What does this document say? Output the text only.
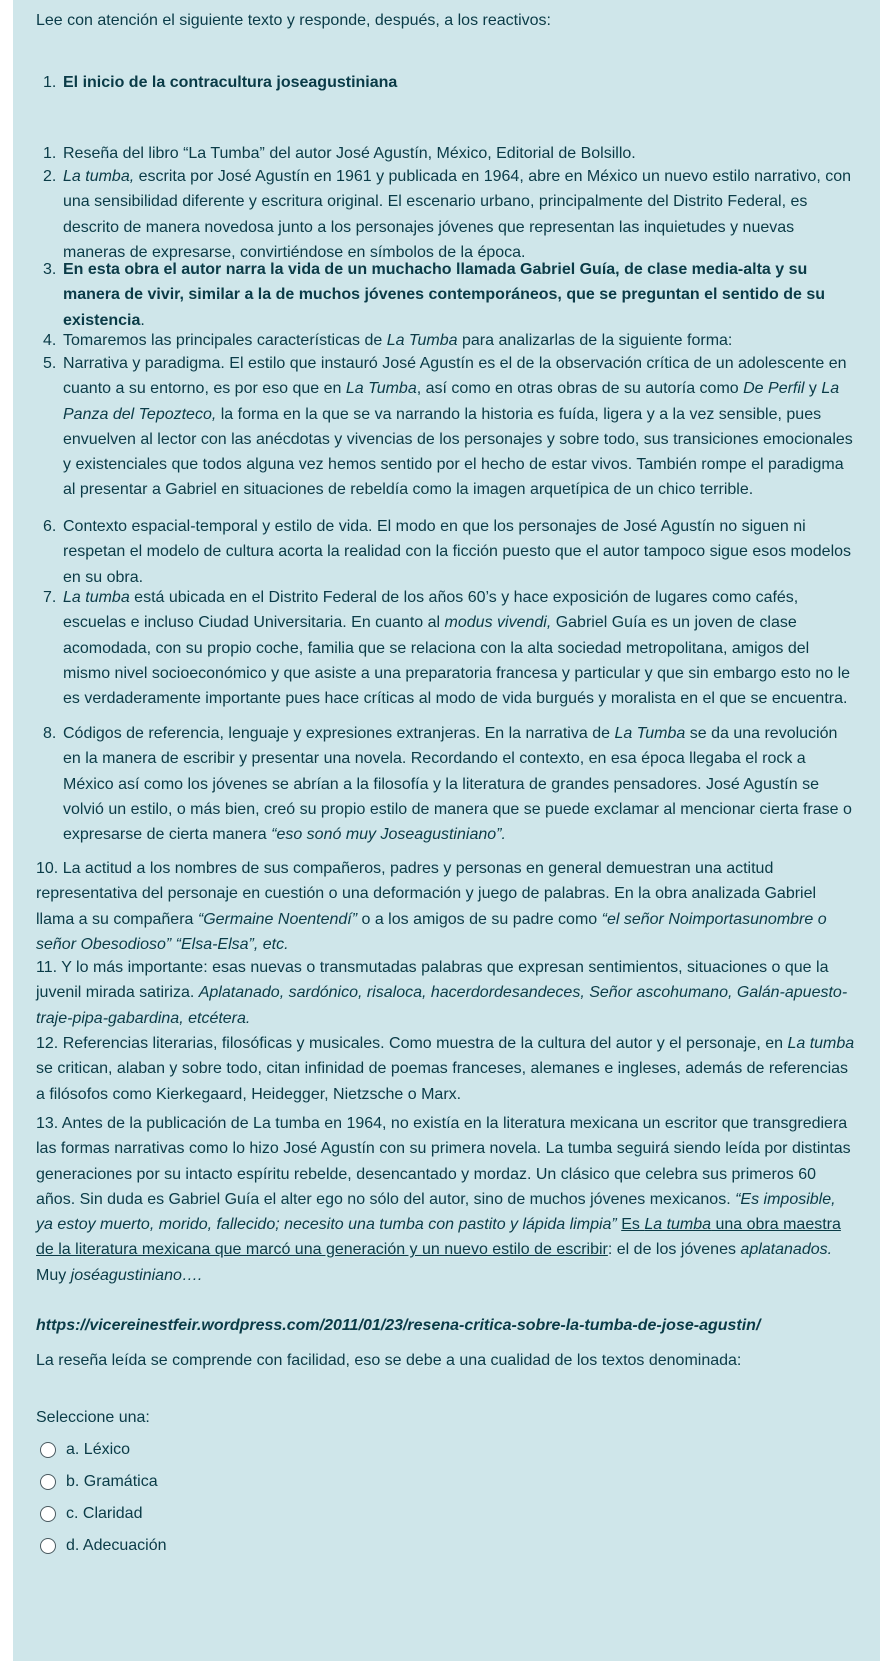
Lee con atención el siguiente texto y responde, después, a los reactivos:
1. El inicio de la contracultura joseagustiniana
1. Reseña del libro “La Tumba” del autor José Agustín, México, Editorial de Bolsillo.
2. La tumba, escrita por José Agustín en 1961 y publicada en 1964, abre en México un nuevo estilo narrativo, con una sensibilidad diferente y escritura original. El escenario urbano, principalmente del Distrito Federal, es descrito de manera novedosa junto a los personajes jóvenes que representan las inquietudes y nuevas maneras de expresarse, convirtiéndose en símbolos de la época.
3. En esta obra el autor narra la vida de un muchacho llamada Gabriel Guía, de clase media-alta y su manera de vivir, similar a la de muchos jóvenes contemporáneos, que se preguntan el sentido de su existencia.
4. Tomaremos las principales características de La Tumba para analizarlas de la siguiente forma:
5. Narrativa y paradigma. El estilo que instauró José Agustín es el de la observación crítica de un adolescente en cuanto a su entorno, es por eso que en La Tumba, así como en otras obras de su autoría como De Perfil y La Panza del Tepozteco, la forma en la que se va narrando la historia es fuída, ligera y a la vez sensible, pues envuelven al lector con las anécdotas y vivencias de los personajes y sobre todo, sus transiciones emocionales y existenciales que todos alguna vez hemos sentido por el hecho de estar vivos. También rompe el paradigma al presentar a Gabriel en situaciones de rebeldía como la imagen arquetípica de un chico terrible.
6. Contexto espacial-temporal y estilo de vida. El modo en que los personajes de José Agustín no siguen ni respetan el modelo de cultura acorta la realidad con la ficción puesto que el autor tampoco sigue esos modelos en su obra.
7. La tumba está ubicada en el Distrito Federal de los años 60’s y hace exposición de lugares como cafés, escuelas e incluso Ciudad Universitaria. En cuanto al modus vivendi, Gabriel Guía es un joven de clase acomodada, con su propio coche, familia que se relaciona con la alta sociedad metropolitana, amigos del mismo nivel socioeconómico y que asiste a una preparatoria francesa y particular y que sin embargo esto no le es verdaderamente importante pues hace críticas al modo de vida burgués y moralista en el que se encuentra.
8. Códigos de referencia, lenguaje y expresiones extranjeras. En la narrativa de La Tumba se da una revolución en la manera de escribir y presentar una novela. Recordando el contexto, en esa época llegaba el rock a México así como los jóvenes se abrían a la filosofía y la literatura de grandes pensadores. José Agustín se volvió un estilo, o más bien, creó su propio estilo de manera que se puede exclamar al mencionar cierta frase o expresarse de cierta manera “eso sonó muy Joseagustiniano”.
10. La actitud a los nombres de sus compañeros, padres y personas en general demuestran una actitud representativa del personaje en cuestión o una deformación y juego de palabras. En la obra analizada Gabriel llama a su compañera “Germaine Noentendí” o a los amigos de su padre como “el señor Noimportasunombre o señor Obesodioso” “Elsa-Elsa”, etc.
11. Y lo más importante: esas nuevas o transmutadas palabras que expresan sentimientos, situaciones o que la juvenil mirada satiriza. Aplatanado, sardónico, risaloca, hacerdordesandeces, Señor ascohumano, Galán-apuesto-traje-pipa-gabardina, etcétera.
12. Referencias literarias, filosóficas y musicales. Como muestra de la cultura del autor y el personaje, en La tumba se critican, alaban y sobre todo, citan infinidad de poemas franceses, alemanes e ingleses, además de referencias a filósofos como Kierkegaard, Heidegger, Nietzsche o Marx.
13. Antes de la publicación de La tumba en 1964, no existía en la literatura mexicana un escritor que transgrediera las formas narrativas como lo hizo José Agustín con su primera novela. La tumba seguirá siendo leída por distintas generaciones por su intacto espíritu rebelde, desencantado y mordaz. Un clásico que celebra sus primeros 60 años. Sin duda es Gabriel Guía el alter ego no sólo del autor, sino de muchos jóvenes mexicanos. “Es imposible, ya estoy muerto, morido, fallecido; necesito una tumba con pastito y lápida limpia” Es La tumba una obra maestra de la literatura mexicana que marcó una generación y un nuevo estilo de escribir: el de los jóvenes aplatanados. Muy joséagustiniano….
https://vicereinestfeir.wordpress.com/2011/01/23/resena-critica-sobre-la-tumba-de-jose-agustin/
La reseña leída se comprende con facilidad, eso se debe a una cualidad de los textos denominada:
Seleccione una:
a. Léxico
b. Gramática
c. Claridad
d. Adecuación
